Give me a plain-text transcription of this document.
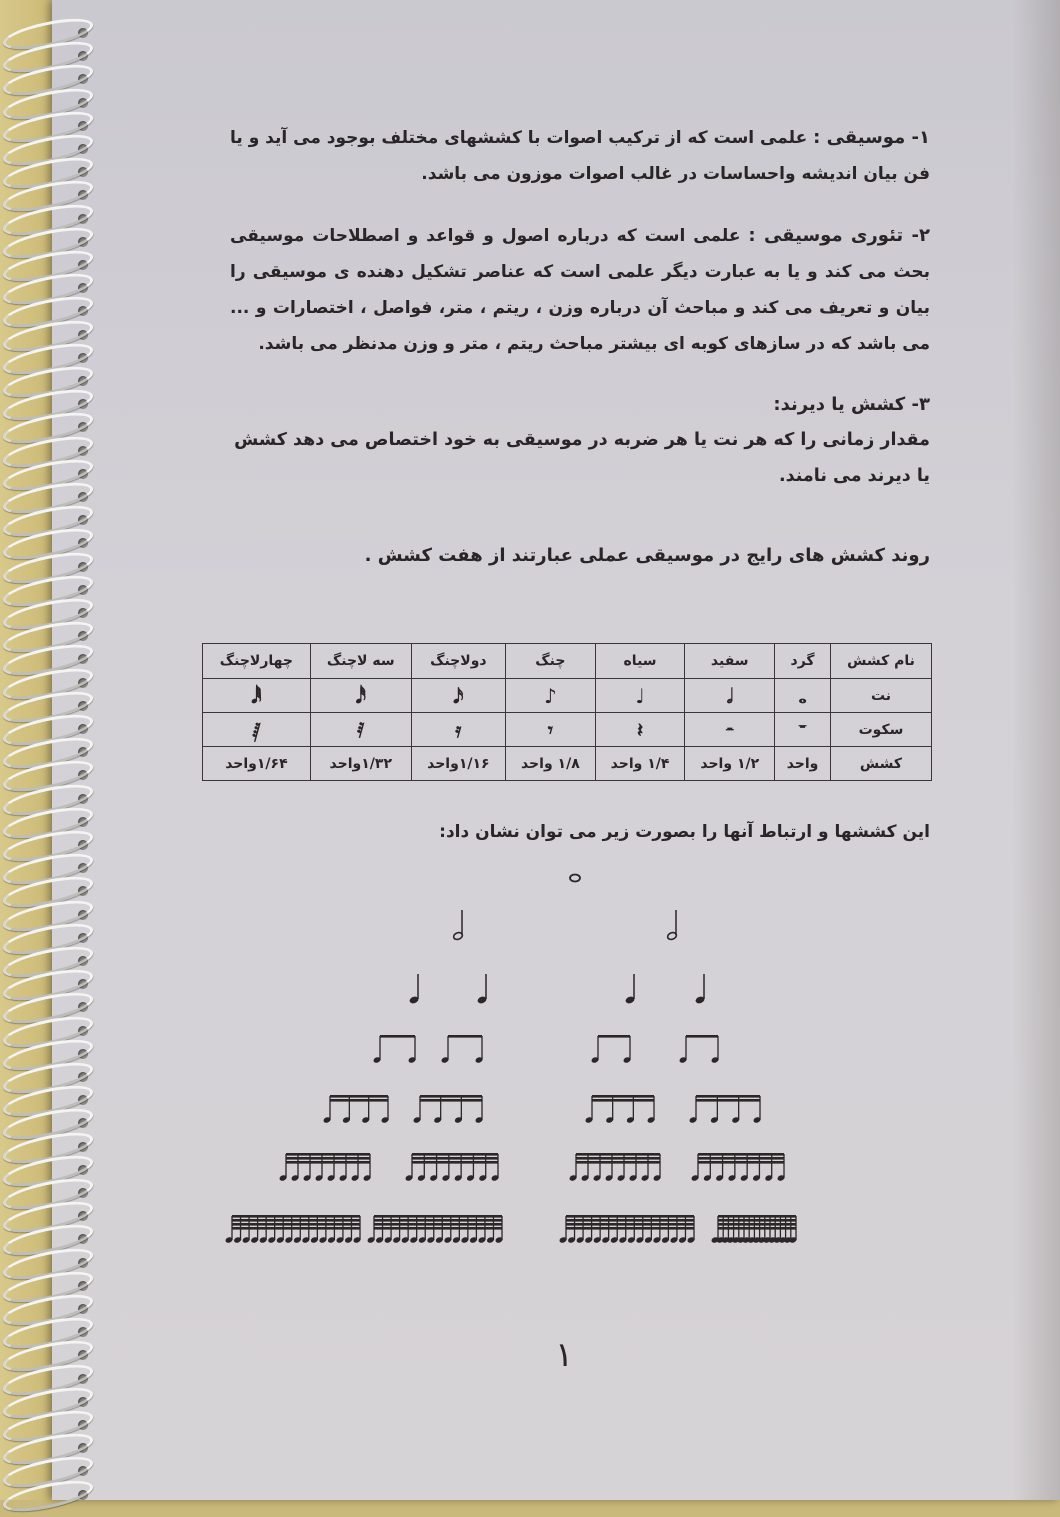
۱- موسیقی : علمی است که از ترکیب اصوات با کششهای مختلف بوجود می آید و یا فن بیان اندیشه واحساسات در غالب اصوات موزون می باشد.

۲- تئوری موسیقی : علمی است که درباره اصول و قواعد و اصطلاحات موسیقی بحث می کند و یا به عبارت دیگر علمی است که عناصر تشکیل دهنده ی موسیقی را بیان و تعریف می کند و مباحث آن درباره وزن ، ریتم ، متر، فواصل ، اختصارات و ... می باشد که در سازهای کوبه ای بیشتر مباحث ریتم ، متر و وزن مدنظر می باشد.

۳- کشش یا دیرند:
مقدار زمانی را که هر نت یا هر ضربه در موسیقی به خود اختصاص می دهد کشش یا دیرند می نامند.
روند کشش های رایج در موسیقی عملی عبارتند از هفت کشش .
نام کشش	گرد	سفید	سیاه	چنگ	دولاچنگ	سه لاچنگ	چهارلاچنگ
نت	𝅝	𝅗𝅥	♩	♪	𝅘𝅥𝅯	𝅘𝅥𝅰	𝅘𝅥𝅱
سکوت	𝄻	𝄼	𝄽	𝄾	𝄿	𝅀	𝅁
کشش	واحد	۱/۲ واحد	۱/۴ واحد	۱/۸ واحد	۱/۱۶واحد	۱/۳۲واحد	۱/۶۴واحد
این کششها و ارتباط آنها را بصورت زیر می توان نشان داد:
۱
